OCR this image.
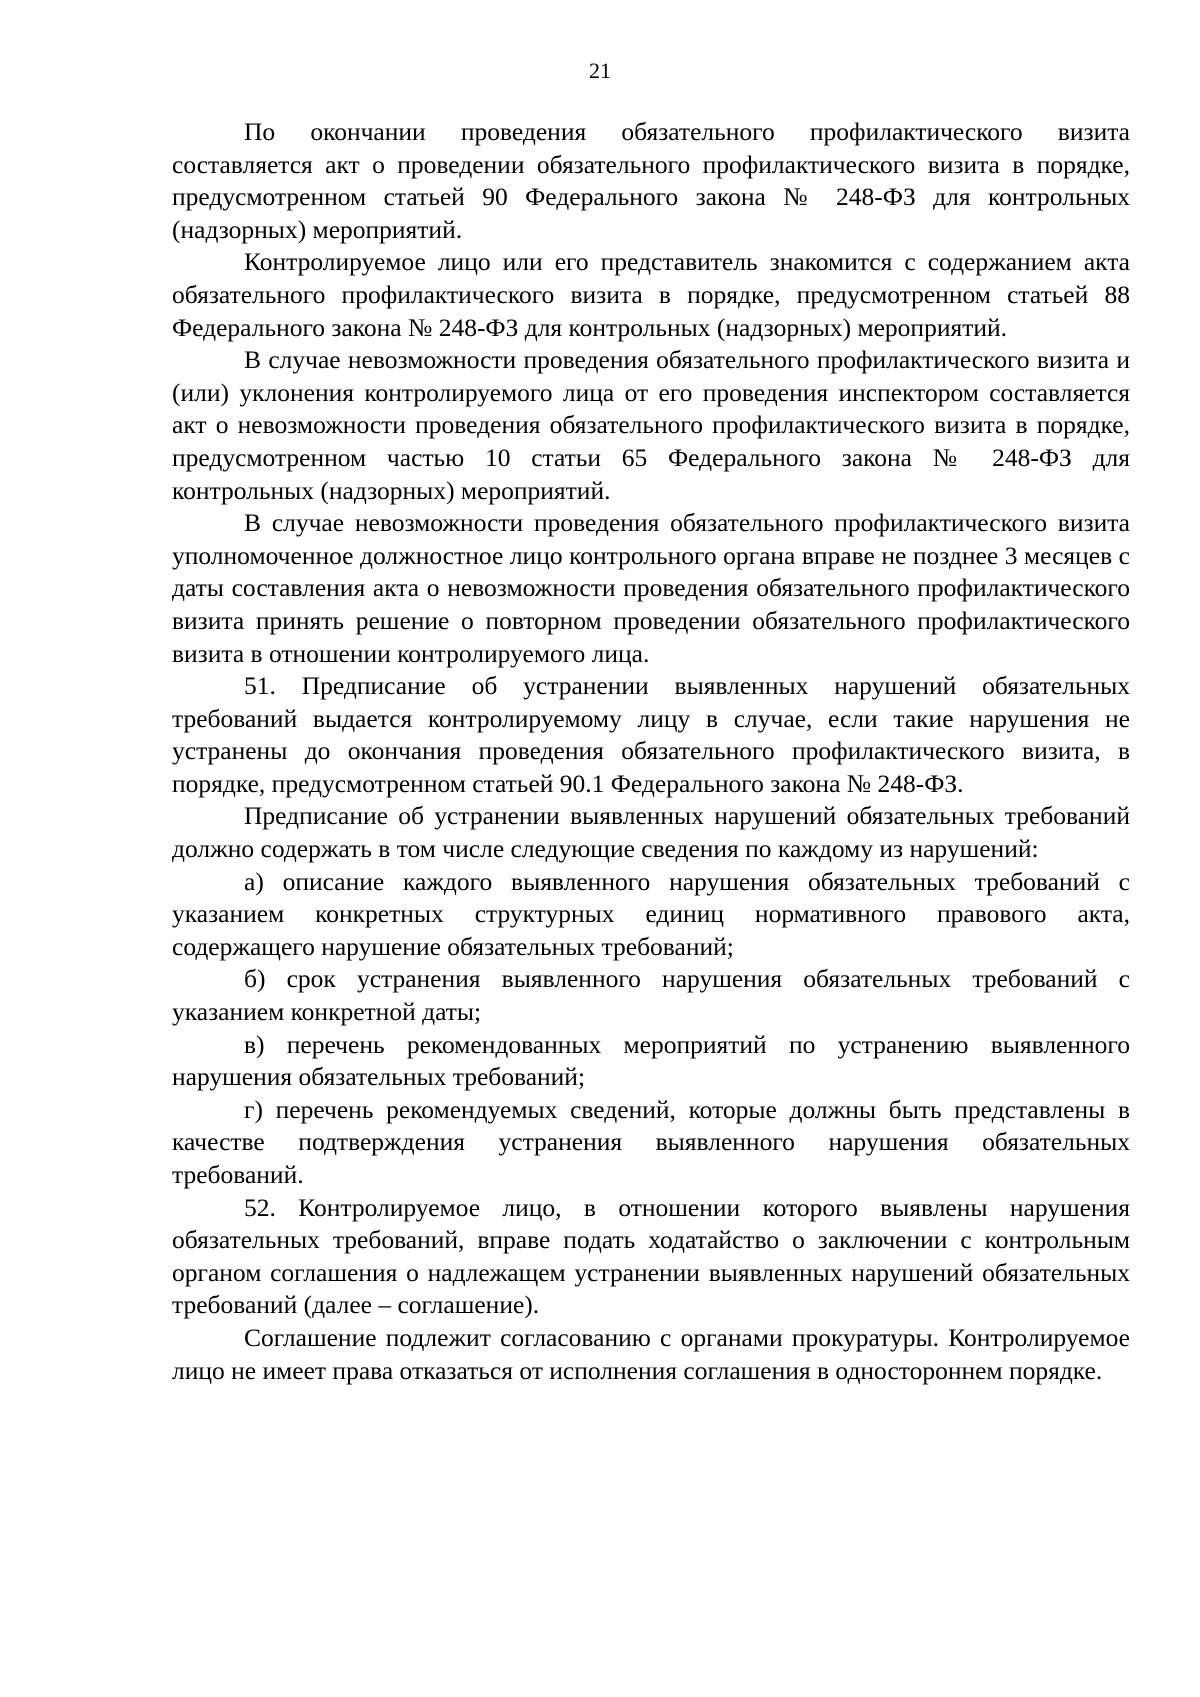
21

По окончании проведения обязательного профилактического визита составляется акт о проведении обязательного профилактического визита в порядке, предусмотренном статьей 90 Федерального закона № 248-ФЗ для контрольных (надзорных) мероприятий.

Контролируемое лицо или его представитель знакомится с содержанием акта обязательного профилактического визита в порядке, предусмотренном статьей 88 Федерального закона № 248-ФЗ для контрольных (надзорных) мероприятий.

В случае невозможности проведения обязательного профилактического визита и (или) уклонения контролируемого лица от его проведения инспектором составляется акт о невозможности проведения обязательного профилактического визита в порядке, предусмотренном частью 10 статьи 65 Федерального закона № 248-ФЗ для контрольных (надзорных) мероприятий.

В случае невозможности проведения обязательного профилактического визита уполномоченное должностное лицо контрольного органа вправе не позднее 3 месяцев с даты составления акта о невозможности проведения обязательного профилактического визита принять решение о повторном проведении обязательного профилактического визита в отношении контролируемого лица.

51. Предписание об устранении выявленных нарушений обязательных требований выдается контролируемому лицу в случае, если такие нарушения не устранены до окончания проведения обязательного профилактического визита, в порядке, предусмотренном статьей 90.1 Федерального закона № 248-ФЗ.

Предписание об устранении выявленных нарушений обязательных требований должно содержать в том числе следующие сведения по каждому из нарушений:

а) описание каждого выявленного нарушения обязательных требований с указанием конкретных структурных единиц нормативного правового акта, содержащего нарушение обязательных требований;

б) срок устранения выявленного нарушения обязательных требований с указанием конкретной даты;

в) перечень рекомендованных мероприятий по устранению выявленного нарушения обязательных требований;

г) перечень рекомендуемых сведений, которые должны быть представлены в качестве подтверждения устранения выявленного нарушения обязательных требований.

52. Контролируемое лицо, в отношении которого выявлены нарушения обязательных требований, вправе подать ходатайство о заключении с контрольным органом соглашения о надлежащем устранении выявленных нарушений обязательных требований (далее – соглашение).

Соглашение подлежит согласованию с органами прокуратуры. Контролируемое лицо не имеет права отказаться от исполнения соглашения в одностороннем порядке.
